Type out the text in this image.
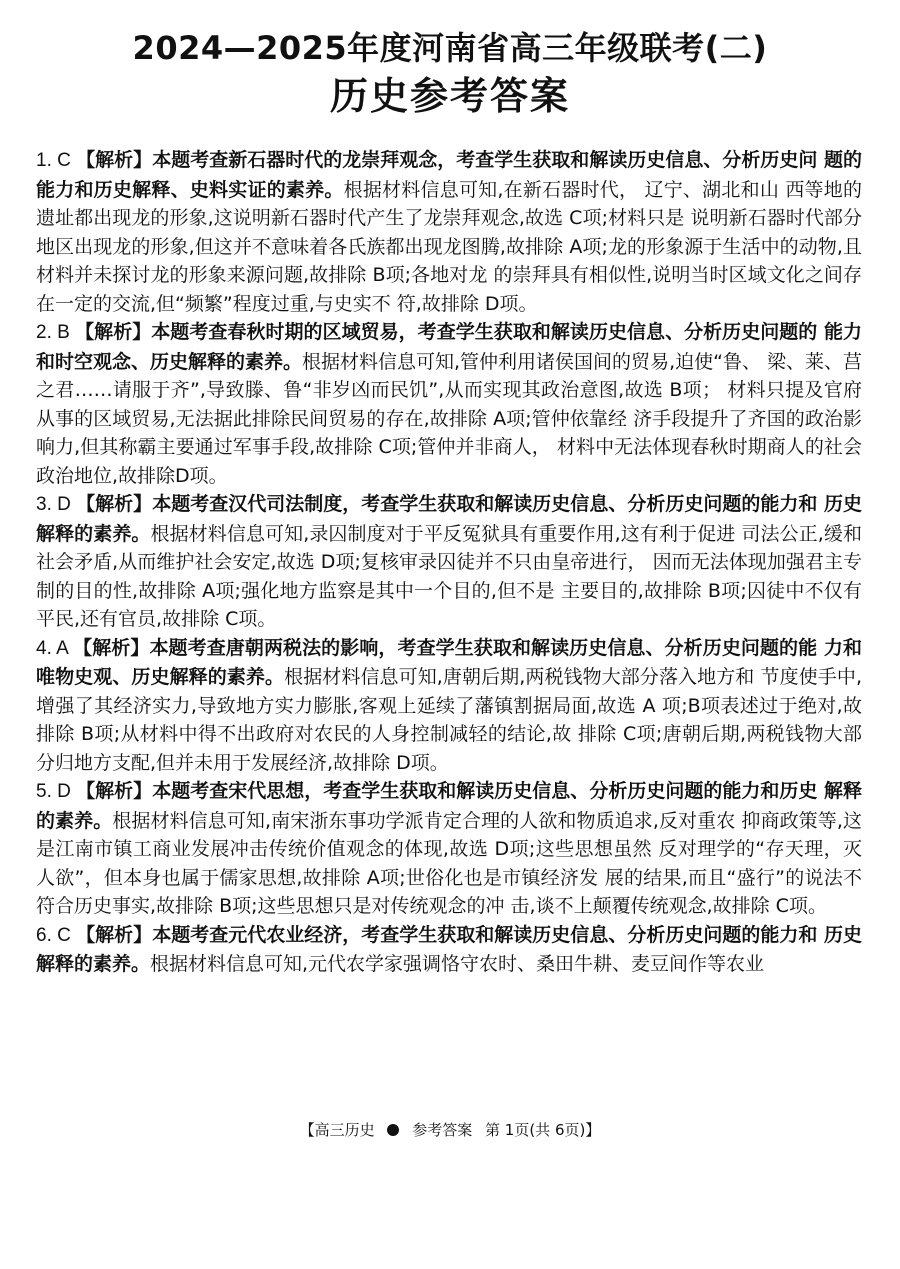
2024—2025年度河南省高三年级联考(二)
历史参考答案

1. C 【解析】本题考查新石器时代的龙崇拜观念，考查学生获取和解读历史信息、分析历史问 题的能力和历史解释、史料实证的素养。根据材料信息可知,在新石器时代， 辽宁、湖北和山 西等地的遗址都出现龙的形象,这说明新石器时代产生了龙崇拜观念,故选 C项;材料只是 说明新石器时代部分地区出现龙的形象,但这并不意味着各氏族都出现龙图腾,故排除 A项;龙的形象源于生活中的动物,且材料并未探讨龙的形象来源问题,故排除 B项;各地对龙 的崇拜具有相似性,说明当时区域文化之间存在一定的交流,但“频繁”程度过重,与史实不 符,故排除 D项。

2. B 【解析】本题考查春秋时期的区域贸易，考查学生获取和解读历史信息、分析历史问题的 能力和时空观念、历史解释的素养。根据材料信息可知,管仲利用诸侯国间的贸易,迫使“鲁、 梁、莱、莒之君……请服于齐”,导致滕、鲁“非岁凶而民饥”,从而实现其政治意图,故选 B项； 材料只提及官府从事的区域贸易,无法据此排除民间贸易的存在,故排除 A项;管仲依靠经 济手段提升了齐国的政治影响力,但其称霸主要通过军事手段,故排除 C项;管仲并非商人， 材料中无法体现春秋时期商人的社会政治地位,故排除D项。

3. D 【解析】本题考查汉代司法制度，考查学生获取和解读历史信息、分析历史问题的能力和 历史解释的素养。根据材料信息可知,录囚制度对于平反冤狱具有重要作用,这有利于促进 司法公正,缓和社会矛盾,从而维护社会安定,故选 D项;复核审录囚徒并不只由皇帝进行， 因而无法体现加强君主专制的目的性,故排除 A项;强化地方监察是其中一个目的,但不是 主要目的,故排除 B项;囚徒中不仅有平民,还有官员,故排除 C项。

4. A 【解析】本题考查唐朝两税法的影响，考查学生获取和解读历史信息、分析历史问题的能 力和唯物史观、历史解释的素养。根据材料信息可知,唐朝后期,两税钱物大部分落入地方和 节度使手中,增强了其经济实力,导致地方实力膨胀,客观上延续了藩镇割据局面,故选 A 项;B项表述过于绝对,故排除 B项;从材料中得不出政府对农民的人身控制减轻的结论,故 排除 C项;唐朝后期,两税钱物大部分归地方支配,但并未用于发展经济,故排除 D项。

5. D 【解析】本题考查宋代思想，考查学生获取和解读历史信息、分析历史问题的能力和历史 解释的素养。根据材料信息可知,南宋浙东事功学派肯定合理的人欲和物质追求,反对重农 抑商政策等,这是江南市镇工商业发展冲击传统价值观念的体现,故选 D项;这些思想虽然 反对理学的“存天理，灭人欲”，但本身也属于儒家思想,故排除 A项;世俗化也是市镇经济发 展的结果,而且“盛行”的说法不符合历史事实,故排除 B项;这些思想只是对传统观念的冲 击,谈不上颠覆传统观念,故排除 C项。

6. C 【解析】本题考查元代农业经济，考查学生获取和解读历史信息、分析历史问题的能力和 历史解释的素养。根据材料信息可知,元代农学家强调恪守农时、桑田牛耕、麦豆间作等农业

【高三历史	参考答案 第 1页(共 6页)】
